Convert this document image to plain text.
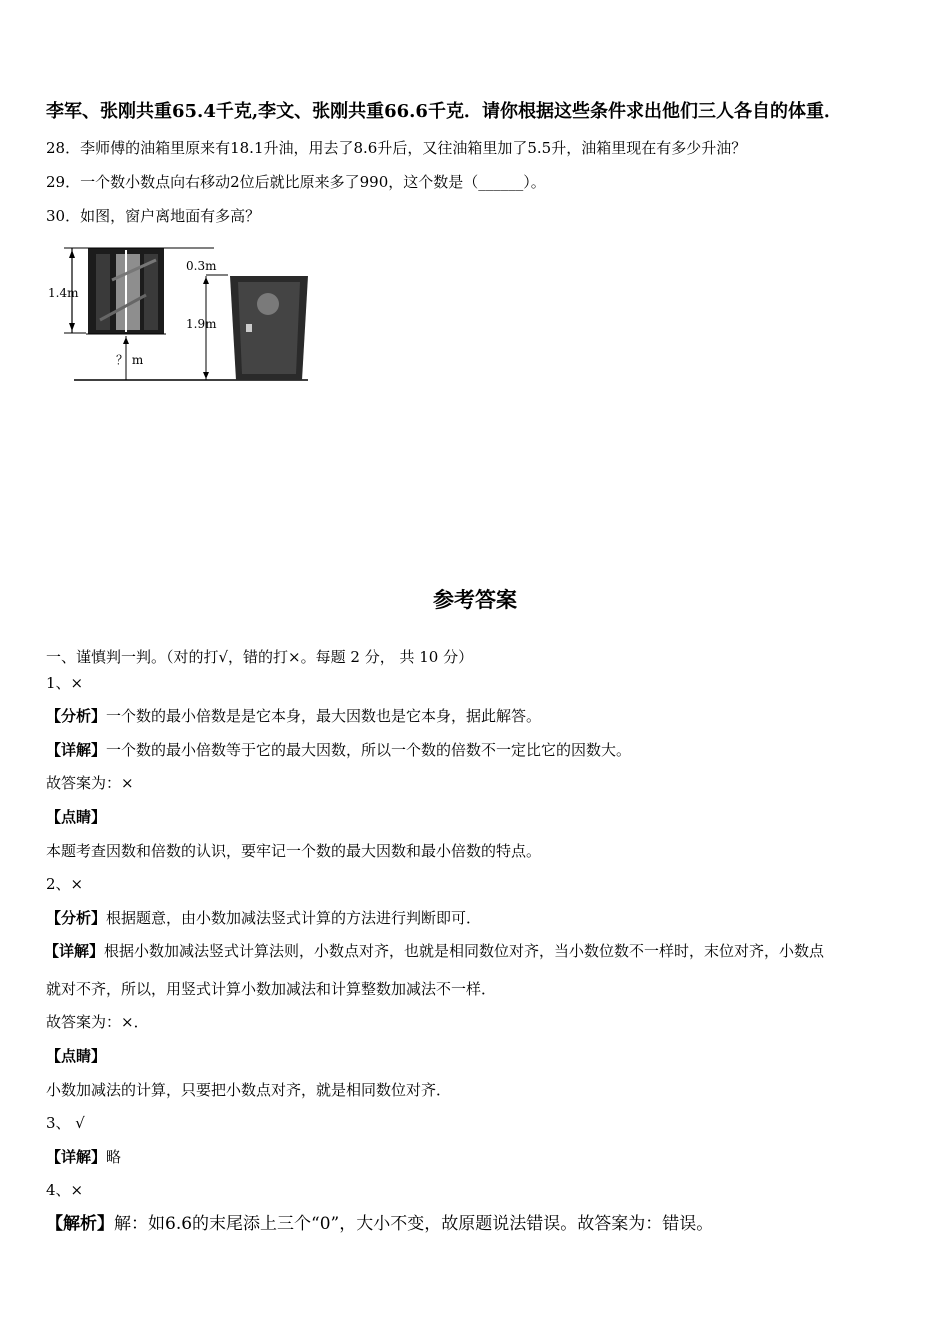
李军、张刚共重65.4千克,李文、张刚共重66.6千克．请你根据这些条件求出他们三人各自的体重．
28．李师傅的油箱里原来有18.1升油，用去了8.6升后，又往油箱里加了5.5升，油箱里现在有多少升油？
29．一个数小数点向右移动2位后就比原来多了990，这个数是（______）。
30．如图，窗户离地面有多高？
1.4m
？ m
0.3m
1.9m
参考答案
一、谨慎判一判。（对的打√，错的打×。每题 2 分， 共 10 分）
1、×
【分析】一个数的最小倍数是是它本身，最大因数也是它本身，据此解答。
【详解】一个数的最小倍数等于它的最大因数，所以一个数的倍数不一定比它的因数大。
故答案为：×
【点睛】
本题考查因数和倍数的认识，要牢记一个数的最大因数和最小倍数的特点。
2、×
【分析】根据题意，由小数加减法竖式计算的方法进行判断即可．
【详解】根据小数加减法竖式计算法则，小数点对齐，也就是相同数位对齐，当小数位数不一样时，末位对齐，小数点
就对不齐，所以，用竖式计算小数加减法和计算整数加减法不一样．
故答案为：×．
【点睛】
小数加减法的计算，只要把小数点对齐，就是相同数位对齐．
3、 √
【详解】略
4、×
【解析】解：如6.6的末尾添上三个“0”，大小不变，故原题说法错误。故答案为：错误。
